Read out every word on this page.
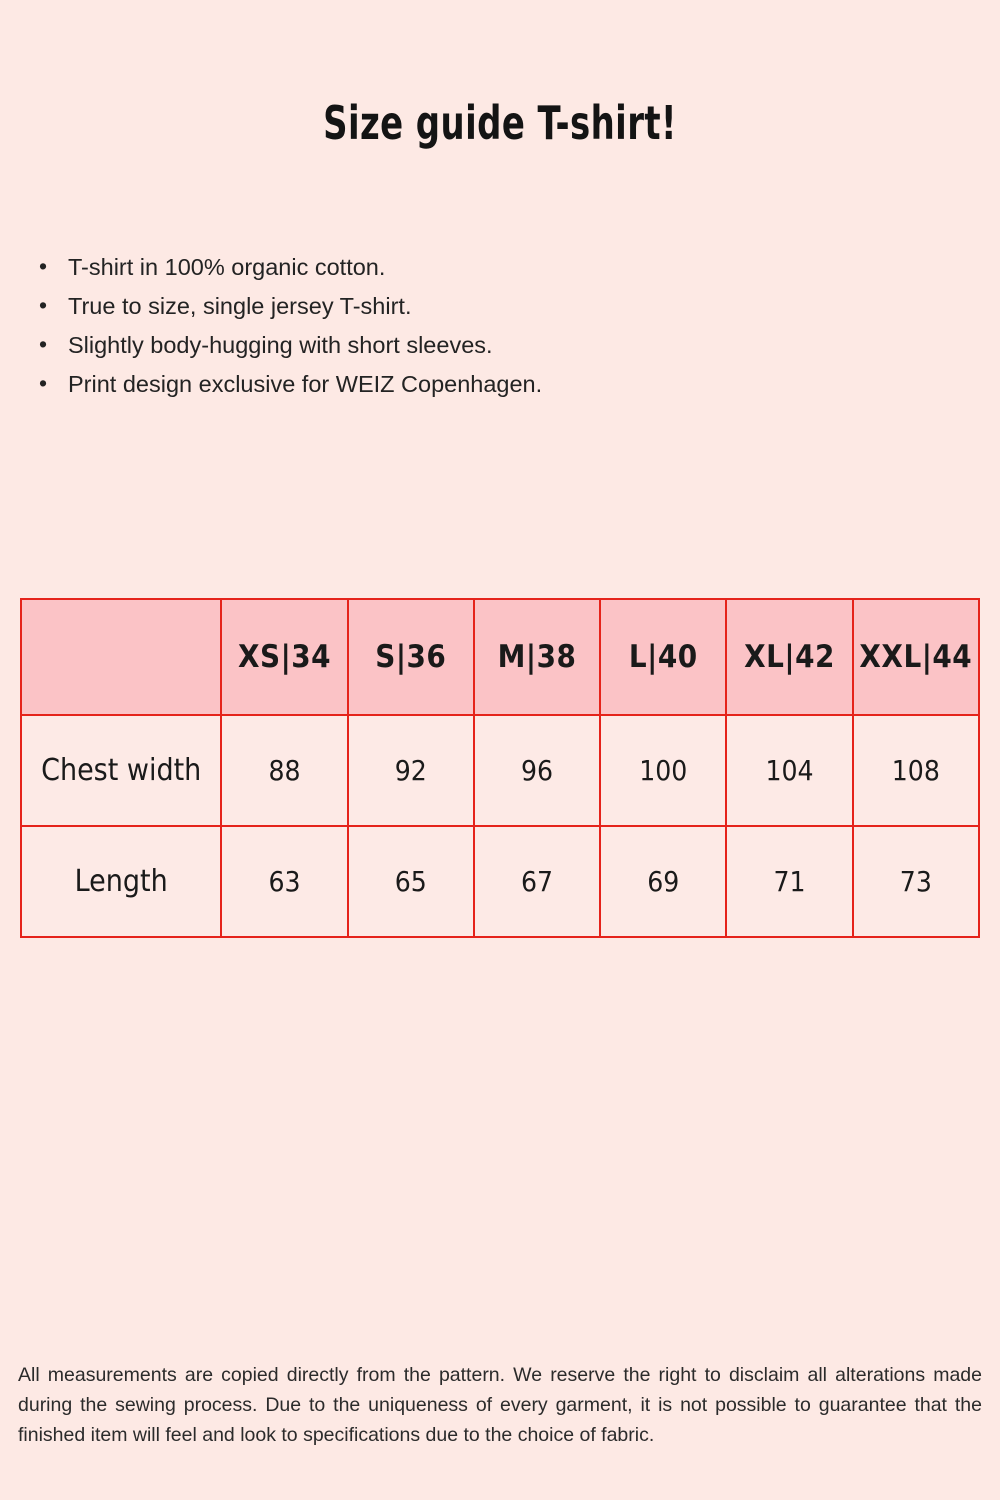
Size guide T-shirt!
• T-shirt in 100% organic cotton.
• True to size, single jersey T-shirt.
• Slightly body-hugging with short sleeves.
• Print design exclusive for WEIZ Copenhagen.
	XS|34	S|36	M|38	L|40	XL|42	XXL|44
Chest width	88	92	96	100	104	108
Length	63	65	67	69	71	73
All measurements are copied directly from the pattern. We reserve the right to disclaim all alterations made during the sewing process. Due to the uniqueness of every garment, it is not possible to guarantee that the finished item will feel and look to specifications due to the choice of fabric.
